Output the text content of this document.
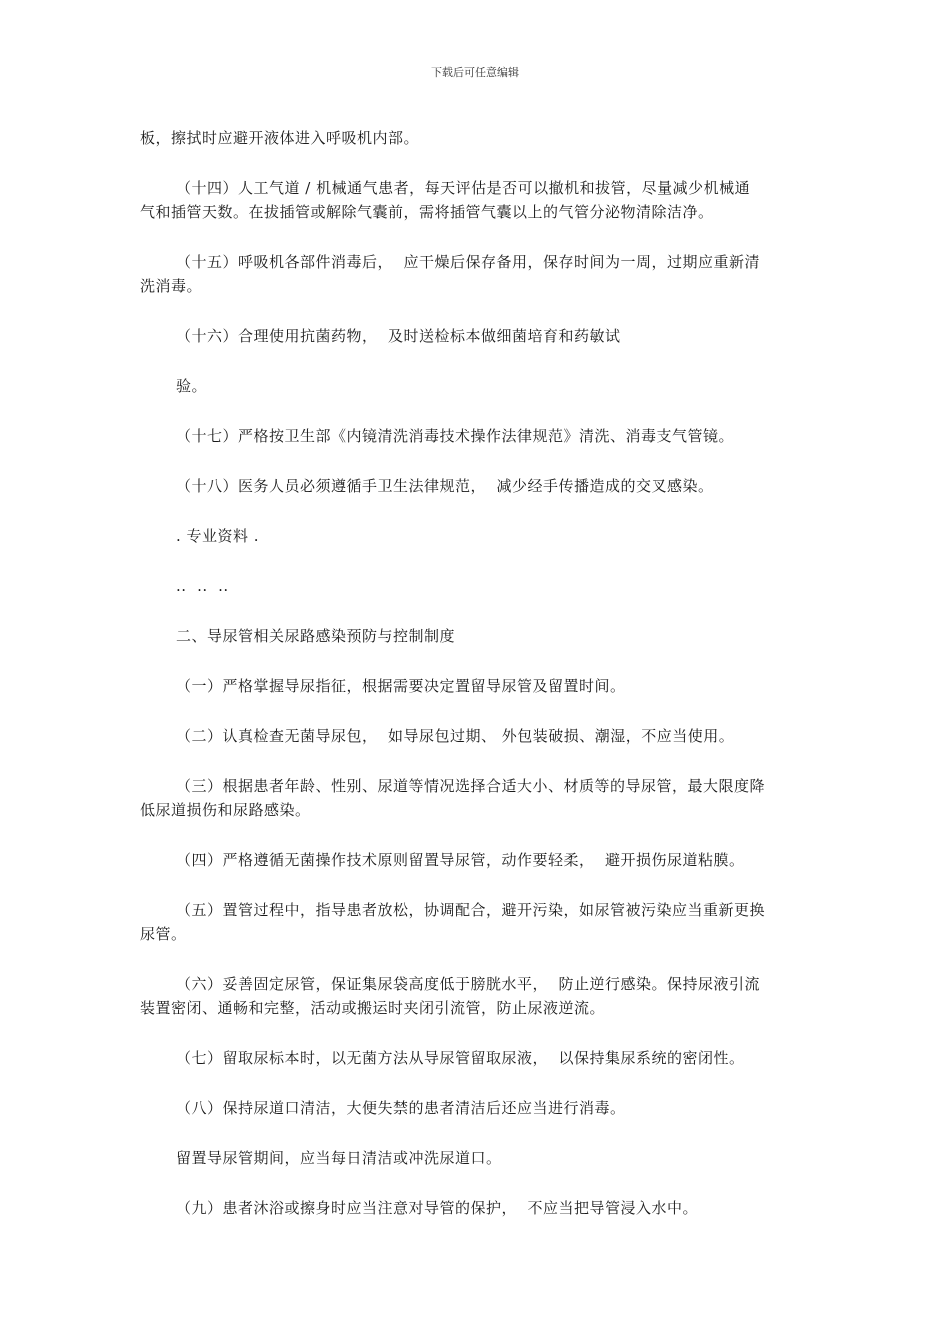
下载后可任意编辑
板，擦拭时应避开液体进入呼吸机内部。
（十四）人工气道 / 机械通气患者，每天评估是否可以撤机和拔管，尽量减少机械通
气和插管天数。在拔插管或解除气囊前，需将插管气囊以上的气管分泌物清除洁净。
（十五）呼吸机各部件消毒后，  应干燥后保存备用，保存时间为一周，过期应重新清
洗消毒。
（十六）合理使用抗菌药物，  及时送检标本做细菌培育和药敏试
验。
（十七）严格按卫生部《内镜清洗消毒技术操作法律规范》清洗、消毒支气管镜。
（十八）医务人员必须遵循手卫生法律规范，  减少经手传播造成的交叉感染。
. 专业资料 .
..  ..  ..
二、导尿管相关尿路感染预防与控制制度
（一）严格掌握导尿指征，根据需要决定置留导尿管及留置时间。
（二）认真检查无菌导尿包，  如导尿包过期、 外包装破损、潮湿，不应当使用。
（三）根据患者年龄、性别、尿道等情况选择合适大小、材质等的导尿管，最大限度降
低尿道损伤和尿路感染。
（四）严格遵循无菌操作技术原则留置导尿管，动作要轻柔，  避开损伤尿道粘膜。
（五）置管过程中，指导患者放松，协调配合，避开污染，如尿管被污染应当重新更换
尿管。
（六）妥善固定尿管，保证集尿袋高度低于膀胱水平，  防止逆行感染。保持尿液引流
装置密闭、通畅和完整，活动或搬运时夹闭引流管，防止尿液逆流。
（七）留取尿标本时，以无菌方法从导尿管留取尿液，  以保持集尿系统的密闭性。
（八）保持尿道口清洁，大便失禁的患者清洁后还应当进行消毒。
留置导尿管期间，应当每日清洁或冲洗尿道口。
（九）患者沐浴或擦身时应当注意对导管的保护，  不应当把导管浸入水中。
